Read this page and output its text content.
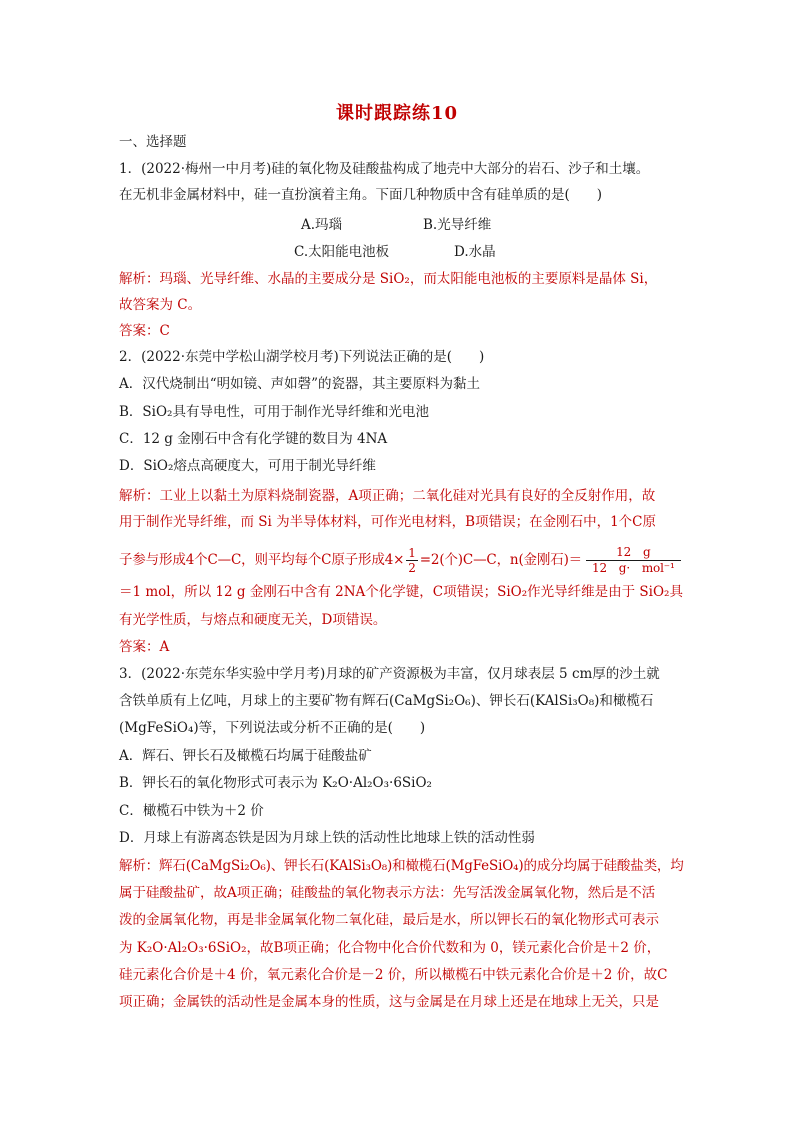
课时跟踪练10
一、选择题
1．(2022·梅州一中月考)硅的氧化物及硅酸盐构成了地壳中大部分的岩石、沙子和土壤。
在无机非金属材料中，硅一直扮演着主角。下面几种物质中含有硅单质的是(　　)
A.玛瑙	B.光导纤维
C.太阳能电池板	D.水晶
解析：玛瑙、光导纤维、水晶的主要成分是 SiO₂，而太阳能电池板的主要原料是晶体 Si，
故答案为 C。
答案：C
2．(2022·东莞中学松山湖学校月考)下列说法正确的是(　　)
A．汉代烧制出“明如镜、声如磬”的瓷器，其主要原料为黏土
B．SiO₂具有导电性，可用于制作光导纤维和光电池
C．12 g 金刚石中含有化学键的数目为 4NA
D．SiO₂熔点高硬度大，可用于制光导纤维
解析：工业上以黏土为原料烧制瓷器，A项正确；二氧化硅对光具有良好的全反射作用，故
用于制作光导纤维，而 Si 为半导体材料，可作光电材料，B项错误；在金刚石中，1个C原
子参与形成4个C—C，则平均每个C原子形成$4\times \frac{1}{2} =2$(个)C—C，n(金刚石)＝	12　g
12　g·　mol⁻¹
＝1 mol，所以 12 g 金刚石中含有 2NA个化学键，C项错误；SiO₂作光导纤维是由于 SiO₂具
有光学性质，与熔点和硬度无关，D项错误。
答案：A
3．(2022·东莞东华实验中学月考)月球的矿产资源极为丰富，仅月球表层 5 cm厚的沙土就
含铁单质有上亿吨，月球上的主要矿物有辉石(CaMgSi₂O₆)、钾长石(KAlSi₃O₈)和橄榄石
(MgFeSiO₄)等，下列说法或分析不正确的是(　　)
A．辉石、钾长石及橄榄石均属于硅酸盐矿
B．钾长石的氧化物形式可表示为 K₂O·Al₂O₃·6SiO₂
C．橄榄石中铁为＋2 价
D．月球上有游离态铁是因为月球上铁的活动性比地球上铁的活动性弱
解析：辉石(CaMgSi₂O₆)、钾长石(KAlSi₃O₈)和橄榄石(MgFeSiO₄)的成分均属于硅酸盐类，均
属于硅酸盐矿，故A项正确；硅酸盐的氧化物表示方法：先写活泼金属氧化物，然后是不活
泼的金属氧化物，再是非金属氧化物二氧化硅，最后是水，所以钾长石的氧化物形式可表示
为 K₂O·Al₂O₃·6SiO₂，故B项正确；化合物中化合价代数和为 0，镁元素化合价是＋2 价，
硅元素化合价是＋4 价，氧元素化合价是－2 价，所以橄榄石中铁元素化合价是＋2 价，故C
项正确；金属铁的活动性是金属本身的性质，这与金属是在月球上还是在地球上无关，只是
